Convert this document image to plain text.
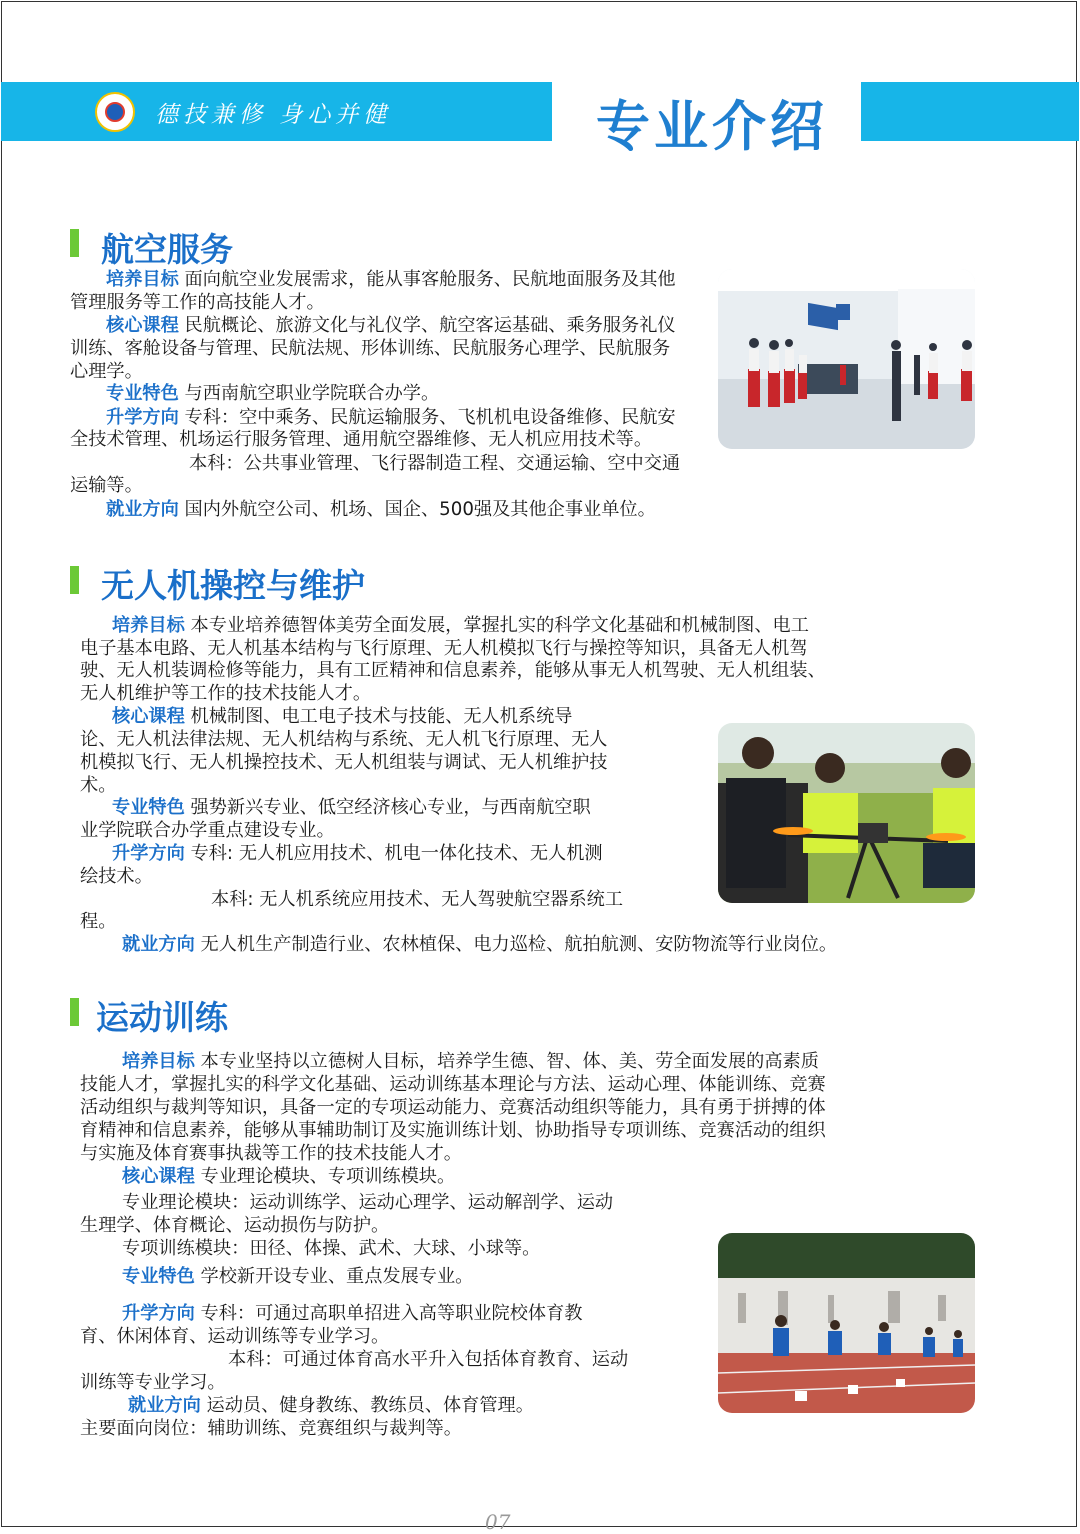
德技兼修 身心并健	专业介绍
航空服务

培养目标 面向航空业发展需求，能从事客舱服务、民航地面服务及其他

管理服务等工作的高技能人才。

核心课程 民航概论、旅游文化与礼仪学、航空客运基础、乘务服务礼仪

训练、客舱设备与管理、民航法规、形体训练、民航服务心理学、民航服务

心理学。

专业特色 与西南航空职业学院联合办学。

升学方向 专科：空中乘务、民航运输服务、飞机机电设备维修、民航安

全技术管理、机场运行服务管理、通用航空器维修、无人机应用技术等。

本科：公共事业管理、飞行器制造工程、交通运输、空中交通

运输等。

就业方向 国内外航空公司、机场、国企、500强及其他企事业单位。

无人机操控与维护

培养目标 本专业培养德智体美劳全面发展，掌握扎实的科学文化基础和机械制图、电工

电子基本电路、无人机基本结构与飞行原理、无人机模拟飞行与操控等知识，具备无人机驾

驶、无人机装调检修等能力，具有工匠精神和信息素养，能够从事无人机驾驶、无人机组装、

无人机维护等工作的技术技能人才。

核心课程 机械制图、电工电子技术与技能、无人机系统导

论、无人机法律法规、无人机结构与系统、无人机飞行原理、无人

机模拟飞行、无人机操控技术、无人机组装与调试、无人机维护技

术。

专业特色 强势新兴专业、低空经济核心专业，与西南航空职

业学院联合办学重点建设专业。

升学方向 专科: 无人机应用技术、机电一体化技术、无人机测

绘技术。

本科: 无人机系统应用技术、无人驾驶航空器系统工

程。

就业方向 无人机生产制造行业、农林植保、电力巡检、航拍航测、安防物流等行业岗位。

运动训练

培养目标 本专业坚持以立德树人目标，培养学生德、智、体、美、劳全面发展的高素质

技能人才，掌握扎实的科学文化基础、运动训练基本理论与方法、运动心理、体能训练、竞赛

活动组织与裁判等知识，具备一定的专项运动能力、竞赛活动组织等能力，具有勇于拼搏的体

育精神和信息素养，能够从事辅助制订及实施训练计划、协助指导专项训练、竞赛活动的组织

与实施及体育赛事执裁等工作的技术技能人才。

核心课程 专业理论模块、专项训练模块。

专业理论模块：运动训练学、运动心理学、运动解剖学、运动

生理学、体育概论、运动损伤与防护。

专项训练模块：田径、体操、武术、大球、小球等。

专业特色 学校新开设专业、重点发展专业。

升学方向 专科：可通过高职单招进入高等职业院校体育教

育、休闲体育、运动训练等专业学习。

本科：可通过体育高水平升入包括体育教育、运动

训练等专业学习。

就业方向 运动员、健身教练、教练员、体育管理。

主要面向岗位：辅助训练、竞赛组织与裁判等。

07
